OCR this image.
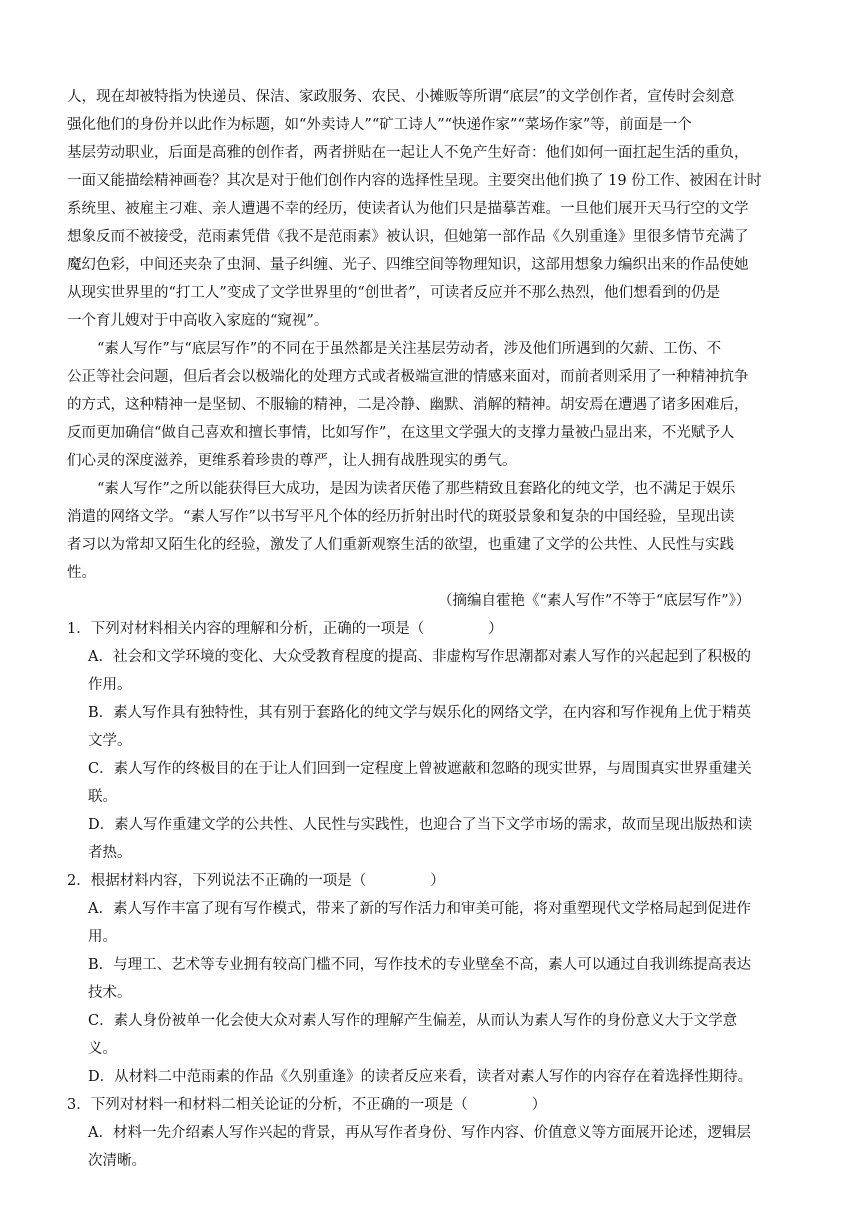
人，现在却被特指为快递员、保洁、家政服务、农民、小摊贩等所谓“底层”的文学创作者，宣传时会刻意
强化他们的身份并以此作为标题，如“外卖诗人”“矿工诗人”“快递作家”“菜场作家”等，前面是一个
基层劳动职业，后面是高雅的创作者，两者拼贴在一起让人不免产生好奇：他们如何一面扛起生活的重负，
一面又能描绘精神画卷？其次是对于他们创作内容的选择性呈现。主要突出他们换了 19 份工作、被困在计时
系统里、被雇主刁难、亲人遭遇不幸的经历，使读者认为他们只是描摹苦难。一旦他们展开天马行空的文学
想象反而不被接受，范雨素凭借《我不是范雨素》被认识，但她第一部作品《久别重逢》里很多情节充满了
魔幻色彩，中间还夹杂了虫洞、量子纠缠、光子、四维空间等物理知识，这部用想象力编织出来的作品使她
从现实世界里的“打工人”变成了文学世界里的“创世者”，可读者反应并不那么热烈，他们想看到的仍是
一个育儿嫂对于中高收入家庭的“窥视”。
“素人写作”与“底层写作”的不同在于虽然都是关注基层劳动者，涉及他们所遇到的欠薪、工伤、不
公正等社会问题，但后者会以极端化的处理方式或者极端宣泄的情感来面对，而前者则采用了一种精神抗争
的方式，这种精神一是坚韧、不服输的精神，二是冷静、幽默、消解的精神。胡安焉在遭遇了诸多困难后，
反而更加确信“做自己喜欢和擅长事情，比如写作”，在这里文学强大的支撑力量被凸显出来，不光赋予人
们心灵的深度滋养，更维系着珍贵的尊严，让人拥有战胜现实的勇气。
“素人写作”之所以能获得巨大成功，是因为读者厌倦了那些精致且套路化的纯文学，也不满足于娱乐
消遣的网络文学。“素人写作”以书写平凡个体的经历折射出时代的斑驳景象和复杂的中国经验，呈现出读
者习以为常却又陌生化的经验，激发了人们重新观察生活的欲望，也重建了文学的公共性、人民性与实践
性。
（摘编自霍艳《“素人写作”不等于“底层写作”》）
1．下列对材料相关内容的理解和分析，正确的一项是（	）
A．社会和文学环境的变化、大众受教育程度的提高、非虚构写作思潮都对素人写作的兴起起到了积极的
作用。
B．素人写作具有独特性，其有别于套路化的纯文学与娱乐化的网络文学，在内容和写作视角上优于精英
文学。
C．素人写作的终极目的在于让人们回到一定程度上曾被遮蔽和忽略的现实世界，与周围真实世界重建关
联。
D．素人写作重建文学的公共性、人民性与实践性，也迎合了当下文学市场的需求，故而呈现出版热和读
者热。
2．根据材料内容，下列说法不正确的一项是（	）
A．素人写作丰富了现有写作模式，带来了新的写作活力和审美可能，将对重塑现代文学格局起到促进作
用。
B．与理工、艺术等专业拥有较高门槛不同，写作技术的专业壁垒不高，素人可以通过自我训练提高表达
技术。
C．素人身份被单一化会使大众对素人写作的理解产生偏差，从而认为素人写作的身份意义大于文学意
义。
D．从材料二中范雨素的作品《久别重逢》的读者反应来看，读者对素人写作的内容存在着选择性期待。
3．下列对材料一和材料二相关论证的分析，不正确的一项是（	）
A．材料一先介绍素人写作兴起的背景，再从写作者身份、写作内容、价值意义等方面展开论述，逻辑层
次清晰。
